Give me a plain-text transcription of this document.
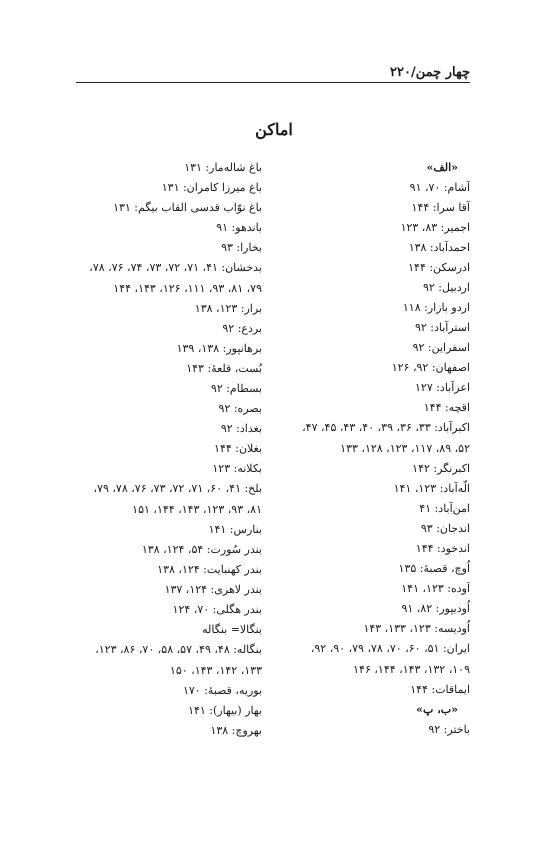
چهار چمن/۲۲۰
اماکن
«الف»
آشام: ۷۰، ۹۱
آقا سرا: ۱۴۴
اجمیر: ۸۳، ۱۲۳
احمدآباد: ۱۳۸
ادرسکن: ۱۴۴
اردبیل: ۹۲
اردو بازار: ۱۱۸
استرآباد: ۹۲
اسفراین: ۹۲
اصفهان: ۹۲، ۱۲۶
اعزآباد: ۱۲۷
اقچه: ۱۴۴
اکبرآباد: ۳۳، ۳۶، ۳۹، ۴۰، ۴۳، ۴۵، ۴۷، ۵۲، ۸۹، ۱۱۷، ۱۲۳، ۱۲۸، ۱۳۳
اکبرنگر: ۱۴۲
الّه‌آباد: ۱۲۳، ۱۴۱
امن‌آباد: ۴۱
اندجان: ۹۳
اندخود: ۱۴۴
اُوچ، قصبۀ: ۱۳۵
اَوده: ۱۲۳، ۱۴۱
اُودیپور: ۸۲، ۹۱
اُودیسه: ۱۲۳، ۱۳۳، ۱۴۳
ایران: ۵۱، ۶۰، ۷۰، ۷۸، ۷۹، ۹۰، ۹۲، ۱۰۹، ۱۳۲، ۱۴۳، ۱۴۴، ۱۴۶
ایماقات: ۱۴۴
«ب، پ»
باختر: ۹۲
باغ شاله‌مار: ۱۳۱
باغ میرزا کامران: ۱۳۱
باغ نوّاب قدسی القاب بیگم: ۱۳۱
باندهو: ۹۱
بخارا: ۹۳
بدخشان: ۴۱، ۷۱، ۷۲، ۷۳، ۷۴، ۷۶، ۷۸، ۷۹، ۸۱، ۹۳، ۱۱۱، ۱۲۶، ۱۴۳، ۱۴۴
برار: ۱۲۳، ۱۳۸
بردع: ۹۲
برهانپور: ۱۳۸، ۱۳۹
بُست، قلعۀ: ۱۴۳
بسطام: ۹۲
بصره: ۹۲
بغداد: ۹۲
بغلان: ۱۴۴
بکلانه: ۱۲۳
بلخ: ۴۱، ۶۰، ۷۱، ۷۲، ۷۳، ۷۶، ۷۸، ۷۹، ۸۱، ۹۳، ۱۲۳، ۱۴۳، ۱۴۴، ۱۵۱
بنارس: ۱۴۱
بندر سُورت: ۵۴، ۱۲۴، ۱۳۸
بندر کهنبایت: ۱۲۴، ۱۳۸
بندر لاهری: ۱۲۴، ۱۳۷
بندر هگلی: ۷۰، ۱۲۴
بنگالا= بنگاله
بنگاله: ۴۸، ۴۹، ۵۷، ۵۸، ۷۰، ۸۶، ۱۲۳، ۱۳۳، ۱۴۲، ۱۴۳، ۱۵۰
بوریه، قصبۀ: ۱۷۰
بهار (بیهار): ۱۴۱
بهروچ: ۱۳۸
